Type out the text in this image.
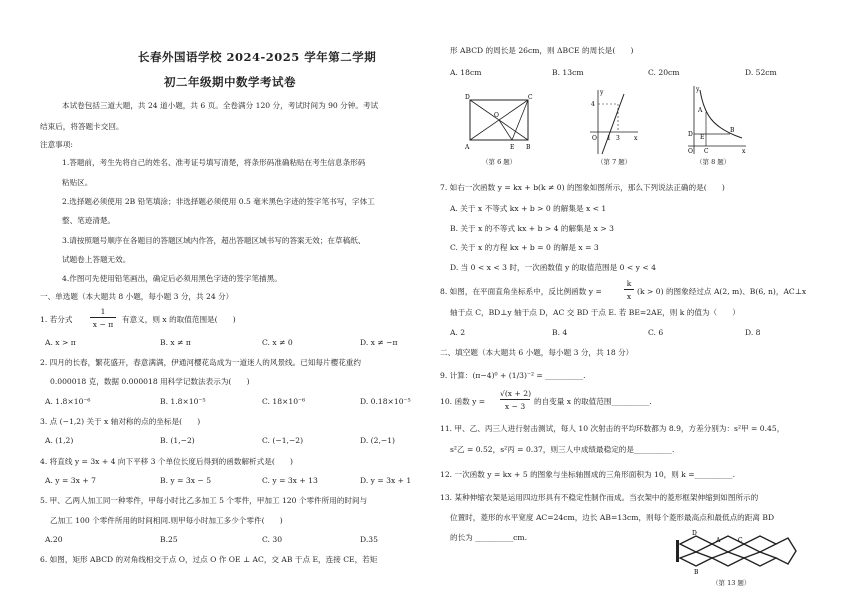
长春外国语学校 2024-2025 学年第二学期
初二年级期中数学考试卷
本试卷包括三道大题，共 24 道小题，共 6 页。全卷满分 120 分，考试时间为 90 分钟。考试
结束后，将答题卡交回。
注意事项:
1.答题前，考生先将自己的姓名、准考证号填写清楚，将条形码准确粘贴在考生信息条形码
粘贴区。
2.选择题必须使用 2B 铅笔填涂；非选择题必须使用 0.5 毫米黑色字迹的签字笔书写，字体工
整、笔迹清楚。
3.请按照题号顺序在各题目的答题区域内作答，超出答题区域书写的答案无效；在草稿纸、
试题卷上答题无效。
4.作图可先使用铅笔画出，确定后必须用黑色字迹的签字笔描黑。
一、单选题（本大题共 8 小题，每小题 3 分，共 24 分）
1. 若分式
1
x − π
有意义，则 x 的取值范围是(　　)
A. x > π	B. x ≠ π	C. x ≠ 0	D. x ≠ −π
2. 四月的长春，繁花盛开，春意满满，伊通河樱花岛成为一道迷人的风景线。已知每片樱花重约
0.000018 克，数据 0.000018 用科学记数法表示为(　　)
A. 1.8×10⁻⁶	B. 1.8×10⁻⁵	C. 18×10⁻⁶	D. 0.18×10⁻⁵
3. 点 (−1,2) 关于 x 轴对称的点的坐标是(　　)
A. (1,2)	B. (1,−2)	C. (−1,−2)	D. (2,−1)
4. 将直线 y = 3x + 4 向下平移 3 个单位长度后得到的函数解析式是(　　)
A. y = 3x + 7	B. y = 3x − 5	C. y = 3x + 13	D. y = 3x + 1
5. 甲、乙两人加工同一种零件，甲每小时比乙多加工 5 个零件，甲加工 120 个零件所用的时间与
乙加工 100 个零件所用的时间相同.则甲每小时加工多少个零件(　　)
A.20	B.25	C. 30	D.35
6. 如图，矩形 ABCD 的对角线相交于点 O，过点 O 作 OE ⊥ AC，交 AB 于点 E，连接 CE，若矩
形 ABCD 的周长是 26cm，则 ΔBCE 的周长是(　　)
A. 18cm	B. 13cm	C. 20cm	D. 52cm
D	C
A	E B
O
（第 6 题）
4
O 1 3 x
y
（第 7 题）
A
B
D E
C
O
y
x
（第 8 题）
7. 如右一次函数 y = kx + b(k ≠ 0) 的图象如图所示，那么下列说法正确的是(　　)
A. 关于 x 不等式 kx + b > 0 的解集是 x < 1
B. 关于 x 的不等式 kx + b > 4 的解集是 x > 3
C. 关于 x 的方程 kx + b = 0 的解是 x = 3
D. 当 0 < x < 3 时，一次函数值 y 的取值范围是 0 < y < 4
8. 如图，在平面直角坐标系中，反比例函数 y =
k
x
(k > 0) 的图象经过点 A(2, m)、B(6, n)，AC⊥x
轴于点 C，BD⊥y 轴于点 D，AC 交 BD 于点 E. 若 BE=2AE，则 k 的值为（　　）
A. 2	B. 4	C. 6	D. 8
二、填空题（本大题共 6 小题，每小题 3 分，共 18 分）
9. 计算：(π−4)⁰ + (1/3)⁻² = __________.
10. 函数 y =
√(x + 2)
x − 3
的自变量 x 的取值范围__________.
11. 甲、乙、丙三人进行射击测试，每人 10 次射击的平均环数都为 8.9，方差分别为：s²甲 = 0.45，
s²乙 = 0.52，s²丙 = 0.37，则三人中成绩最稳定的是__________.
12. 一次函数 y = kx + 5 的图象与坐标轴围成的三角形面积为 10，则 k =__________.
13. 某种伸缩衣架是运用四边形具有不稳定性制作而成。当衣架中的菱形框架伸缩到如图所示的
位置时，菱形的水平宽度 AC=24cm，边长 AB=13cm，则每个菱形最高点和最低点的距离 BD
的长为 __________cm.	D
A	C
B
（第 13 题）
